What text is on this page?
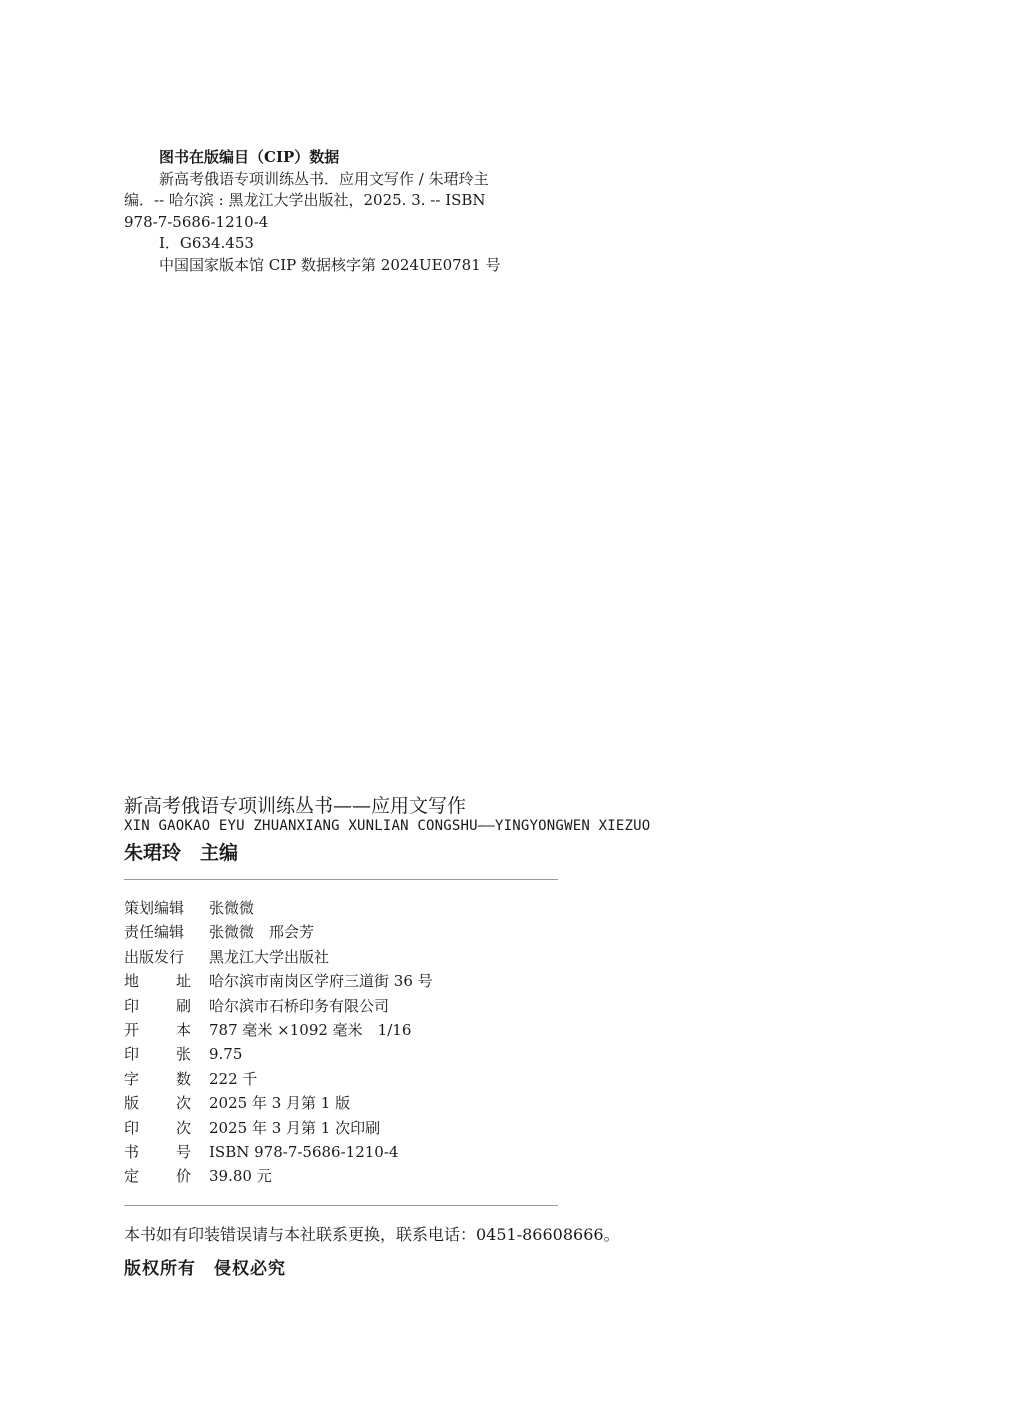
图书在版编目（CIP）数据
新高考俄语专项训练丛书．应用文写作 / 朱珺玲主
编．-- 哈尔滨 : 黑龙江大学出版社，2025. 3. -- ISBN
978-7-5686-1210-4
Ⅰ．G634.453
中国国家版本馆 CIP 数据核字第 2024UE0781 号
新高考俄语专项训练丛书——应用文写作
XIN GAOKAO EYU ZHUANXIANG XUNLIAN CONGSHU——YINGYONGWEN XIEZUO
朱珺玲　主编
策划编辑 张微微
责任编辑 张微微　邢会芳
出版发行 黑龙江大学出版社
地 址 哈尔滨市南岗区学府三道街 36 号
印 刷 哈尔滨市石桥印务有限公司
开 本 787 毫米 ×1092 毫米　1/16
印 张 9.75
字 数 222 千
版 次 2025 年 3 月第 1 版
印 次 2025 年 3 月第 1 次印刷
书 号 ISBN 978-7-5686-1210-4
定 价 39.80 元
本书如有印装错误请与本社联系更换，联系电话：0451-86608666。
版权所有　侵权必究
